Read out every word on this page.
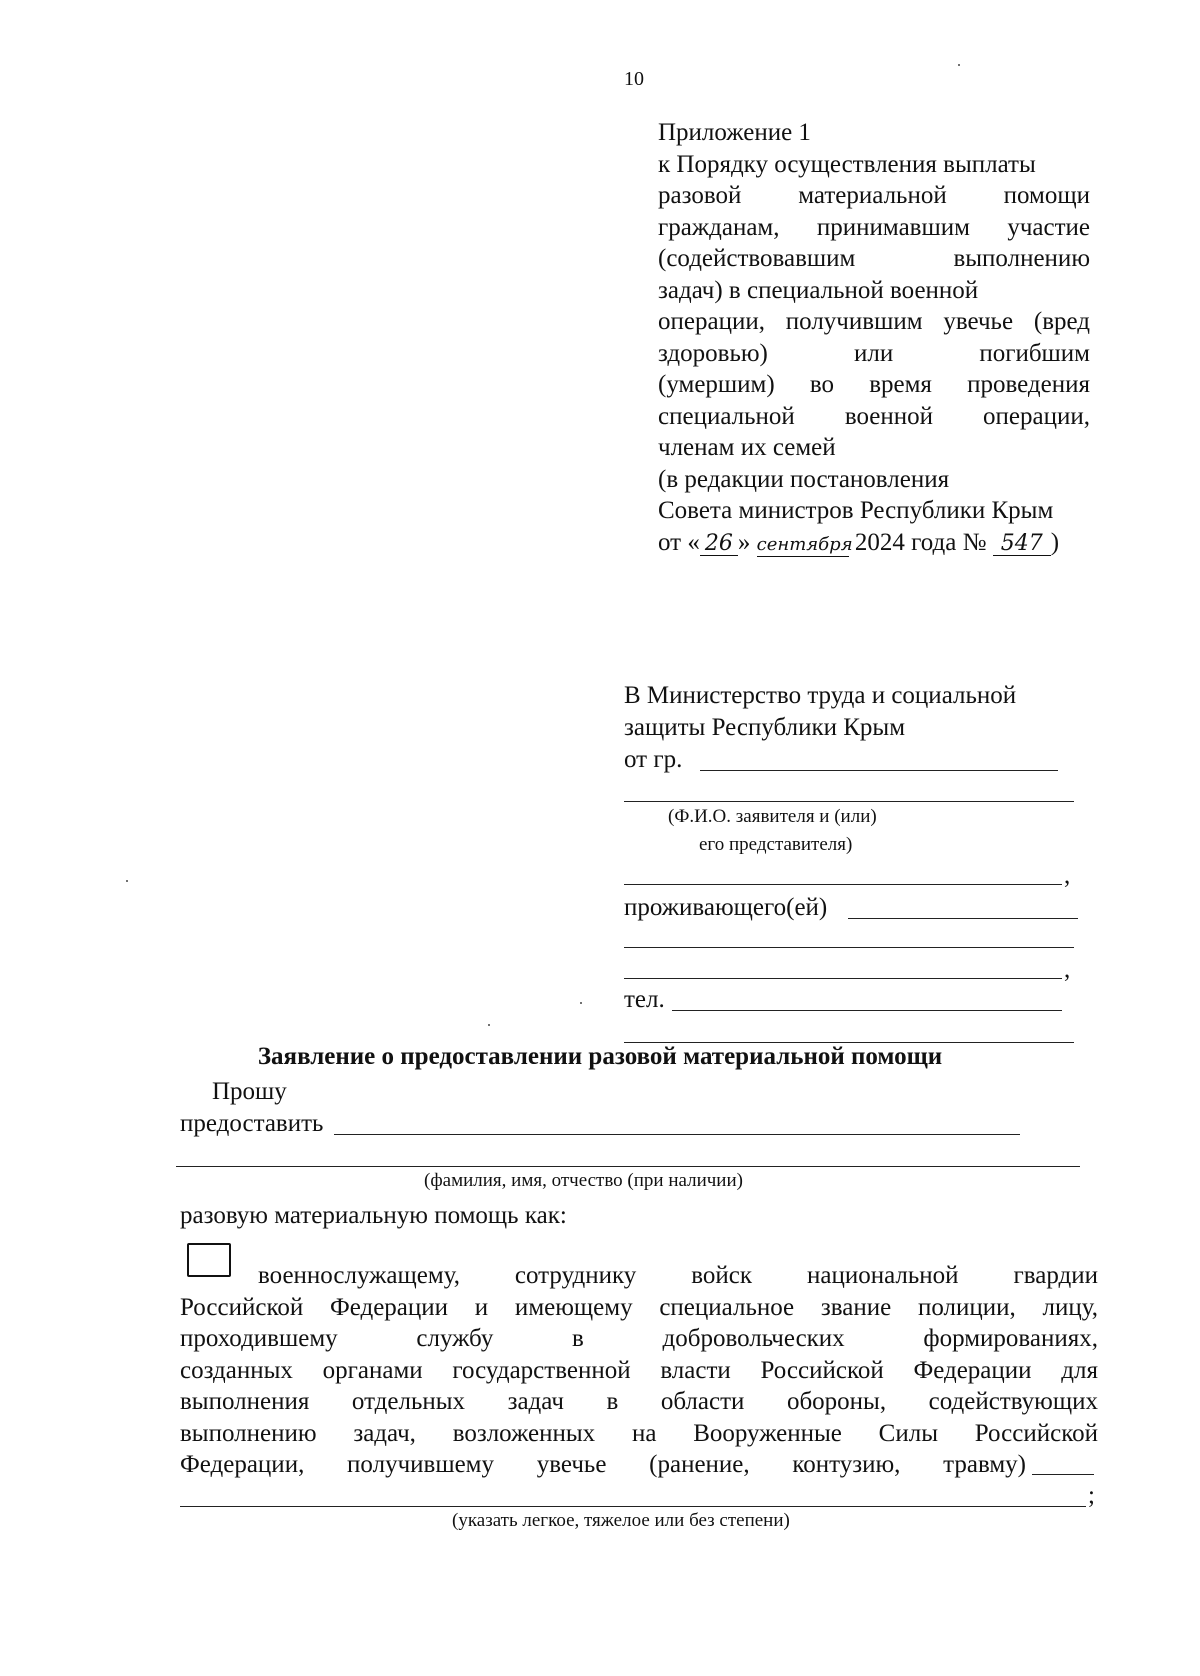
10
Приложение 1
к Порядку осуществления выплаты
разовой материальной помощи
гражданам, принимавшим участие
(содействовавшим выполнению
задач) в специальной военной
операции, получившим увечье (вред
здоровью) или погибшим
(умершим) во время проведения
специальной военной операции,
членам их семей
(в редакции постановления
Совета министров Республики Крым
от « 26 » сентября 2024 года № 547 )
В Министерство труда и социальной
защиты Республики Крым
от гр.
(Ф.И.О. заявителя и (или)
его представителя)
,
проживающего(ей)
,
тел.
Заявление о предоставлении разовой материальной помощи
Прошу
предоставить
(фамилия, имя, отчество (при наличии)
разовую материальную помощь как:
военнослужащему, сотруднику войск национальной гвардии
Российской Федерации и имеющему специальное звание полиции, лицу,
проходившему службу в добровольческих формированиях,
созданных органами государственной власти Российской Федерации для
выполнения отдельных задач в области обороны, содействующих
выполнению задач, возложенных на Вооруженные Силы Российской
Федерации, получившему увечье (ранение, контузию, травму)
;
(указать легкое, тяжелое или без степени)
